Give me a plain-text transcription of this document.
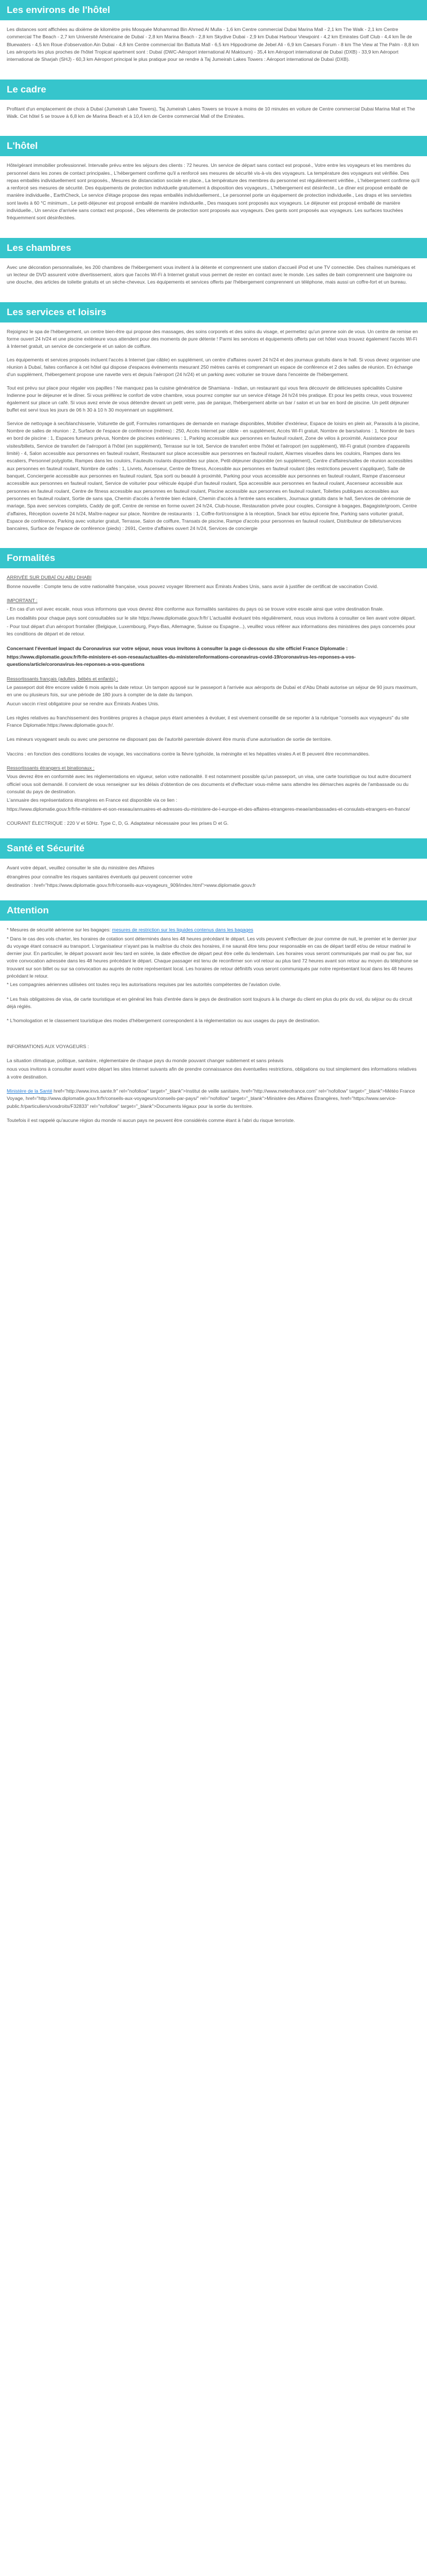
Les environs de l'hôtel

Les distances sont affichées au dixième de kilomètre près Mosquée Mohammad Bin Ahmed Al Mulla - 1,6 km Centre commercial Dubai Marina Mall - 2,1 km The Walk - 2,1 km Centre commercial The Beach - 2,7 km Université Américaine de Dubaï - 2,8 km Marina Beach - 2,8 km Skydive Dubai - 2,9 km Dubai Harbour Viewpoint - 4,2 km Emirates Golf Club - 4,4 km Île de Bluewaters - 4,5 km Roue d'observation Ain Dubai - 4,8 km Centre commercial Ibn Battuta Mall - 6,5 km Hippodrome de Jebel Ali - 6,9 km Caesars Forum - 8 km The View at The Palm - 8,8 km Les aéroports les plus proches de l'hôtel Tropical apartment sont : Dubaï (DWC-Aéroport international Al Maktoum) - 35,4 km Aéroport international de Dubaï (DXB) - 33,9 km Aéroport international de Sharjah (SHJ) - 60,3 km Aéroport principal le plus pratique pour se rendre à Taj Jumeirah Lakes Towers : Aéroport international de Dubaï (DXB).

Le cadre

Profitant d'un emplacement de choix à Dubaï (Jumeirah Lake Towers), Taj Jumeirah Lakes Towers se trouve à moins de 10 minutes en voiture de Centre commercial Dubai Marina Mall et The Walk. Cet hôtel 5 se trouve à 6,8 km de Marina Beach et à 10,4 km de Centre commercial Mall of the Emirates.

L'hôtel

Hôte/gérant immobilier professionnel. Intervalle prévu entre les séjours des clients : 72 heures. Un service de départ sans contact est proposé., Votre entre les voyageurs et les membres du personnel dans les zones de contact principales., L'hébergement confirme qu'il a renforcé ses mesures de sécurité vis-à-vis des voyageurs. La température des voyageurs est vérifiée. Des repas emballés individuellement sont proposés., Mesures de distanciation sociale en place., La température des membres du personnel est régulièrement vérifiée., L'hébergement confirme qu'il a renforcé ses mesures de sécurité. Des équipements de protection individuelle gratuitement à disposition des voyageurs., L'hébergement est désinfecté., Le dîner est proposé emballé de manière individuelle., EarthCheck, Le service d'étage propose des repas emballés individuellement., Le personnel porte un équipement de protection individuelle., Les draps et les serviettes sont lavés à 60 °C minimum., Le petit-déjeuner est proposé emballé de manière individuelle., Des masques sont proposés aux voyageurs. Le déjeuner est proposé emballé de manière individuelle., Un service d'arrivée sans contact est proposé., Des vêtements de protection sont proposés aux voyageurs. Des gants sont proposés aux voyageurs. Les surfaces touchées fréquemment sont désinfectées.

Les chambres

Avec une décoration personnalisée, les 200 chambres de l'hébergement vous invitent à la détente et comprennent une station d'accueil iPod et une TV connectée. Des chaînes numériques et un lecteur de DVD assurent votre divertissement, alors que l'accès Wi-Fi à Internet gratuit vous permet de rester en contact avec le monde. Les salles de bain comprennent une baignoire ou une douche, des articles de toilette gratuits et un sèche-cheveux. Les équipements et services offerts par l'hébergement comprennent un téléphone, mais aussi un coffre-fort et un bureau.

Les services et loisirs

Rejoignez le spa de l'hébergement, un centre bien-être qui propose des massages, des soins corporels et des soins du visage, et permettez qu'un prenne soin de vous. Un centre de remise en forme ouvert 24 h/24 et une piscine extérieure vous attendent pour des moments de pure détente ! Parmi les services et équipements offerts par cet hôtel vous trouvez également l'accès Wi-Fi à Internet gratuit, un service de conciergerie et un salon de coiffure.

Les équipements et services proposés incluent l'accès à Internet (par câble) en supplément, un centre d'affaires ouvert 24 h/24 et des journaux gratuits dans le hall. Si vous devez organiser une réunion à Dubaï, faites confiance à cet hôtel qui dispose d'espaces événements mesurant 250 mètres carrés et comprenant un espace de conférence et 2 des salles de réunion. En échange d'un supplément, l'hébergement propose une navette vers et depuis l'aéroport (24 h/24) et un parking avec voiturier se trouve dans l'enceinte de l'hébergement.

Tout est prévu sur place pour régaler vos papilles ! Ne manquez pas la cuisine génératrice de Shamiana - Indian, un restaurant qui vous fera découvrir de délicieuses spécialités Cuisine Indienne pour le déjeuner et le dîner. Si vous préférez le confort de votre chambre, vous pourrez compter sur un service d'étage 24 h/24 très pratique. Et pour les petits creux, vous trouverez également sur place un café. Si vous avez envie de vous détendre devant un petit verre, pas de panique, l'hébergement abrite un bar / salon et un bar en bord de piscine. Un petit déjeuner buffet est servi tous les jours de 06 h 30 à 10 h 30 moyennant un supplément.

Service de nettoyage à sec/blanchisserie, Voiturette de golf, Formules romantiques de demande en mariage disponibles, Mobilier d'extérieur, Espace de loisirs en plein air, Parasols à la piscine, Nombre de salles de réunion : 2, Surface de l'espace de conférence (mètres) : 250, Accès Internet par câble - en supplément, Accès Wi-Fi gratuit, Nombre de bars/salons : 1, Nombre de bars en bord de piscine : 1, Espaces fumeurs prévus, Nombre de piscines extérieures : 1, Parking accessible aux personnes en fauteuil roulant, Zone de vélos à proximité, Assistance pour visites/billets, Service de transfert de l'aéroport à l'hôtel (en supplément), Terrasse sur le toit, Service de transfert entre l'hôtel et l'aéroport (en supplément), Wi-Fi gratuit (nombre d'appareils limité) - 4, Salon accessible aux personnes en fauteuil roulant, Restaurant sur place accessible aux personnes en fauteuil roulant, Alarmes visuelles dans les couloirs, Rampes dans les escaliers, Personnel polyglotte, Rampes dans les couloirs, Fauteuils roulants disponibles sur place, Petit-déjeuner disponible (en supplément), Centre d'affaires/salles de réunion accessibles aux personnes en fauteuil roulant, Nombre de cafés : 1, Livrets, Ascenseur, Centre de fitness, Accessible aux personnes en fauteuil roulant (des restrictions peuvent s'appliquer), Salle de banquet, Conciergerie accessible aux personnes en fauteuil roulant, Spa sorti ou beauté à proximité, Parking pour vous accessible aux personnes en fauteuil roulant, Rampe d'ascenseur accessible aux personnes en fauteuil roulant, Service de voiturier pour véhicule équipé d'un fauteuil roulant, Spa accessible aux personnes en fauteuil roulant, Ascenseur accessible aux personnes en fauteuil roulant, Centre de fitness accessible aux personnes en fauteuil roulant, Piscine accessible aux personnes en fauteuil roulant, Toilettes publiques accessibles aux personnes en fauteuil roulant, Sortie de sans spa, Chemin d'accès à l'entrée bien éclairé, Chemin d'accès à l'entrée sans escaliers, Journaux gratuits dans le hall, Services de cérémonie de mariage, Spa avec services complets, Caddy de golf, Centre de remise en forme ouvert 24 h/24, Club-house, Restauration privée pour couples, Consigne à bagages, Bagagiste/groom, Centre d'affaires, Réception ouverte 24 h/24, Maître-nageur sur place, Nombre de restaurants : 1, Coffre-fort/consigne à la réception, Snack bar et/ou épicerie fine, Parking sans voiturier gratuit, Espace de conférence, Parking avec voiturier gratuit, Terrasse, Salon de coiffure, Transats de piscine, Rampe d'accès pour personnes en fauteuil roulant, Distributeur de billets/services bancaires, Surface de l'espace de conférence (pieds) : 2691, Centre d'affaires ouvert 24 h/24, Services de conciergie

Formalités
ARRIVÉE SUR DUBAÏ OU ABU DHABI
Bonne nouvelle : Compte tenu de votre nationalité française, vous pouvez voyager librement aux Émirats Arabes Unis, sans avoir à justifier de certificat de vaccination Covid.
IMPORTANT :
- En cas d'un vol avec escale, nous vous informons que vous devrez être conforme aux formalités sanitaires du pays où se trouve votre escale ainsi que votre destination finale.
Les modalités pour chaque pays sont consultables sur le site https://www.diplomatie.gouv.fr/fr/ L'actualité évoluant très régulièrement, nous vous invitons à consulter ce lien avant votre départ.
- Pour tout départ d'un aéroport frontalier (Belgique, Luxembourg, Pays-Bas, Allemagne, Suisse ou Espagne...), veuillez vous référer aux informations des ministères des pays concernés pour les conditions de départ et de retour.
Concernant l'éventuel impact du Coronavirus sur votre séjour, nous vous invitons à consulter la page ci-dessous du site officiel France Diplomatie :
https://www.diplomatie.gouv.fr/fr/le-ministere-et-son-reseau/actualites-du-ministere/informations-coronavirus-covid-19/coronavirus-les-reponses-a-vos-questions/article/coronavirus-les-reponses-a-vos-questions
Ressortissants français (adultes, bébés et enfants) :
Le passeport doit être encore valide 6 mois après la date retour. Un tampon apposé sur le passeport à l'arrivée aux aéroports de Dubaï et d'Abu Dhabi autorise un séjour de 90 jours maximum, en une ou plusieurs fois, sur une période de 180 jours à compter de la date du tampon.
Aucun vaccin n'est obligatoire pour se rendre aux Émirats Arabes Unis.
Les règles relatives au franchissement des frontières propres à chaque pays étant amenées à évoluer, il est vivement conseillé de se reporter à la rubrique "conseils aux voyageurs" du site France Diplomatie:https://www.diplomatie.gouv.fr/.
Les mineurs voyageant seuls ou avec une personne ne disposant pas de l'autorité parentale doivent être munis d'une autorisation de sortie de territoire.
Vaccins : en fonction des conditions locales de voyage, les vaccinations contre la fièvre typhoïde, la méningite et les hépatites virales A et B peuvent être recommandées.
Ressortissants étrangers et binationaux :
Vous devrez être en conformité avec les réglementations en vigueur, selon votre nationalité. Il est notamment possible qu'un passeport, un visa, une carte touristique ou tout autre document officiel vous soit demandé. Il convient de vous renseigner sur les délais d'obtention de ces documents et d'effectuer vous-même sans attendre les démarches auprès de l'ambassade ou du consulat du pays de destination.
L'annuaire des représentations étrangères en France est disponible via ce lien :
https://www.diplomatie.gouv.fr/fr/le-ministere-et-son-reseau/annuaires-et-adresses-du-ministere-de-l-europe-et-des-affaires-etrangeres-meae/ambassades-et-consulats-etrangers-en-france/
COURANT ÉLECTRIQUE : 220 V et 50Hz. Type C, D, G. Adaptateur nécessaire pour les prises D et G.
Santé et Sécurité
Avant votre départ, veuillez consulter le site du ministère des Affaires
étrangères pour connaître les risques sanitaires éventuels qui peuvent concerner votre
destination : href="https://www.diplomatie.gouv.fr/fr/conseils-aux-voyageurs_909/index.html">www.diplomatie.gouv.fr
Attention
* Mesures de sécurité aérienne sur les bagages: mesures de restriction sur les liquides contenus dans les bagages
* Dans le cas des vols charter, les horaires de cotation sont déterminés dans les 48 heures précédant le départ. Les vols peuvent s'effectuer de jour comme de nuit, le premier et le dernier jour du voyage étant consacré au transport. L'organisateur n'ayant pas la maîtrise du choix des horaires, il ne saurait être tenu pour responsable en cas de départ tardif et/ou de retour matinal le dernier jour. En particulier, le départ pouvant avoir lieu tard en soirée, la date effective de départ peut être celle du lendemain. Les horaires vous seront communiqués par mail ou par fax, sur votre convocation adressée dans les 48 heures précédant le départ. Chaque passager est tenu de reconfirmer son vol retour au plus tard 72 heures avant son retour au moyen du téléphone se trouvant sur son billet ou sur sa convocation au auprès de notre représentant local. Les horaires de retour définitifs vous seront communiqués par notre représentant local dans les 48 heures précédant le retour.
* Les compagnies aériennes utilisées ont toutes reçu les autorisations requises par les autorités compétentes de l'aviation civile.
* Les frais obligatoires de visa, de carte touristique et en général les frais d'entrée dans le pays de destination sont toujours à la charge du client en plus du prix du vol, du séjour ou du circuit déjà réglés.
* L'homologation et le classement touristique des modes d'hébergement correspondent à la réglementation ou aux usages du pays de destination.
INFORMATIONS AUX VOYAGEURS :
La situation climatique, politique, sanitaire, réglementaire de chaque pays du monde pouvant changer subitement et sans préavis
nous vous invitons à consulter avant votre départ les sites Internet suivants afin de prendre connaissance des éventuelles restrictions, obligations ou tout simplement des informations relatives à votre destination.
Ministère de la Santé href="http://www.invs.sante.fr" rel="nofollow" target="_blank">Institut de veille sanitaire, href="http://www.meteofrance.com" rel="nofollow" target="_blank">Météo France Voyage, href="http://www.diplomatie.gouv.fr/fr/conseils-aux-voyageurs/conseils-par-pays/" rel="nofollow" target="_blank">Ministère des Affaires Étrangères, href="https://www.service-public.fr/particuliers/vosdroits/F32833" rel="nofollow" target="_blank">Documents légaux pour la sortie du territoire.
Toutefois il est rappelé qu'aucune région du monde ni aucun pays ne peuvent être considérés comme étant à l'abri du risque terroriste.
